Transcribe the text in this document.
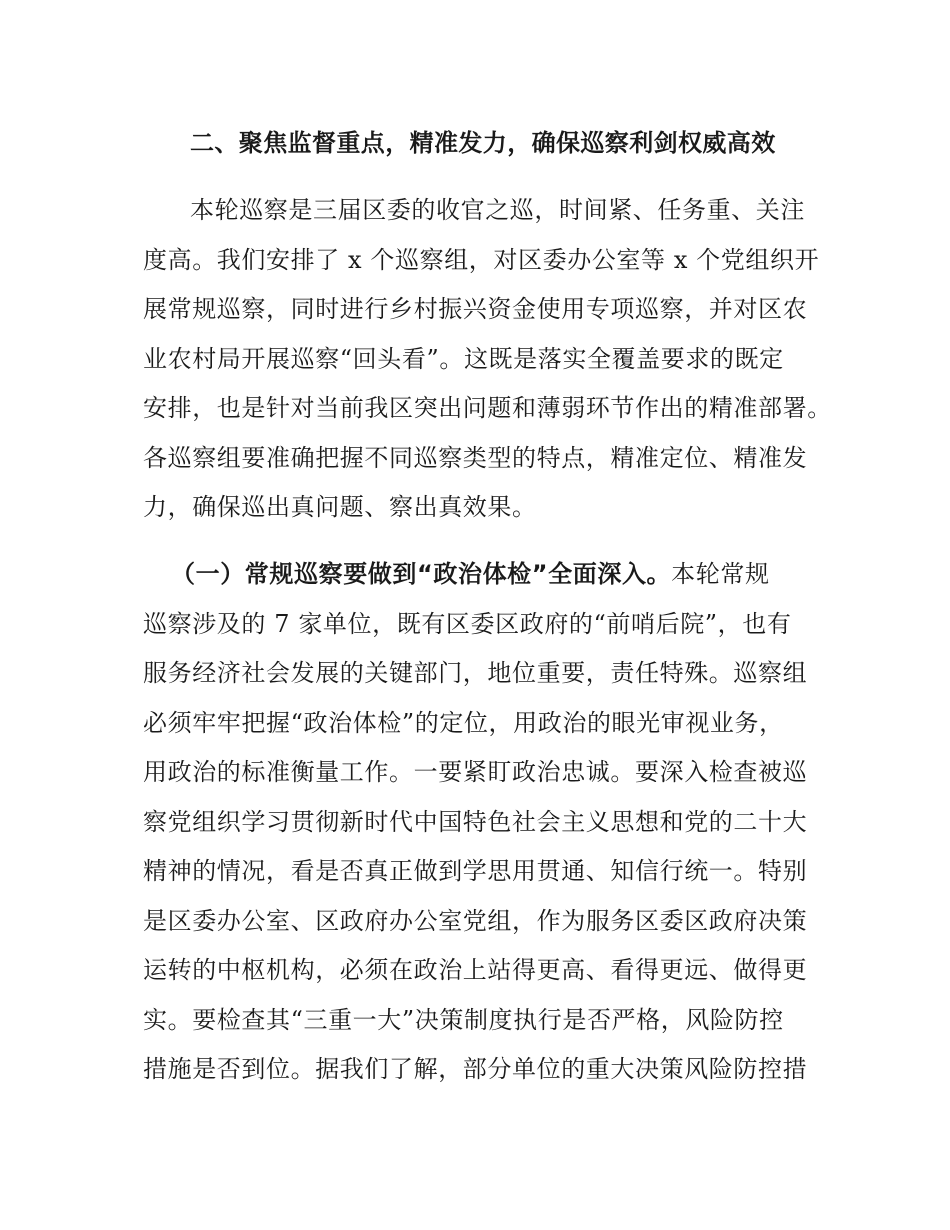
二、聚焦监督重点，精准发力，确保巡察利剑权威高效
本轮巡察是三届区委的收官之巡，时间紧、任务重、关注
度高。我们安排了 x 个巡察组，对区委办公室等 x 个党组织开
展常规巡察，同时进行乡村振兴资金使用专项巡察，并对区农
业农村局开展巡察“回头看”。这既是落实全覆盖要求的既定
安排，也是针对当前我区突出问题和薄弱环节作出的精准部署。
各巡察组要准确把握不同巡察类型的特点，精准定位、精准发
力，确保巡出真问题、察出真效果。
（一）常规巡察要做到“政治体检”全面深入。本轮常规
巡察涉及的 7 家单位，既有区委区政府的“前哨后院”，也有
服务经济社会发展的关键部门，地位重要，责任特殊。巡察组
必须牢牢把握“政治体检”的定位，用政治的眼光审视业务，
用政治的标准衡量工作。一要紧盯政治忠诚。要深入检查被巡
察党组织学习贯彻新时代中国特色社会主义思想和党的二十大
精神的情况，看是否真正做到学思用贯通、知信行统一。特别
是区委办公室、区政府办公室党组，作为服务区委区政府决策
运转的中枢机构，必须在政治上站得更高、看得更远、做得更
实。要检查其“三重一大”决策制度执行是否严格，风险防控
措施是否到位。据我们了解，部分单位的重大决策风险防控措
